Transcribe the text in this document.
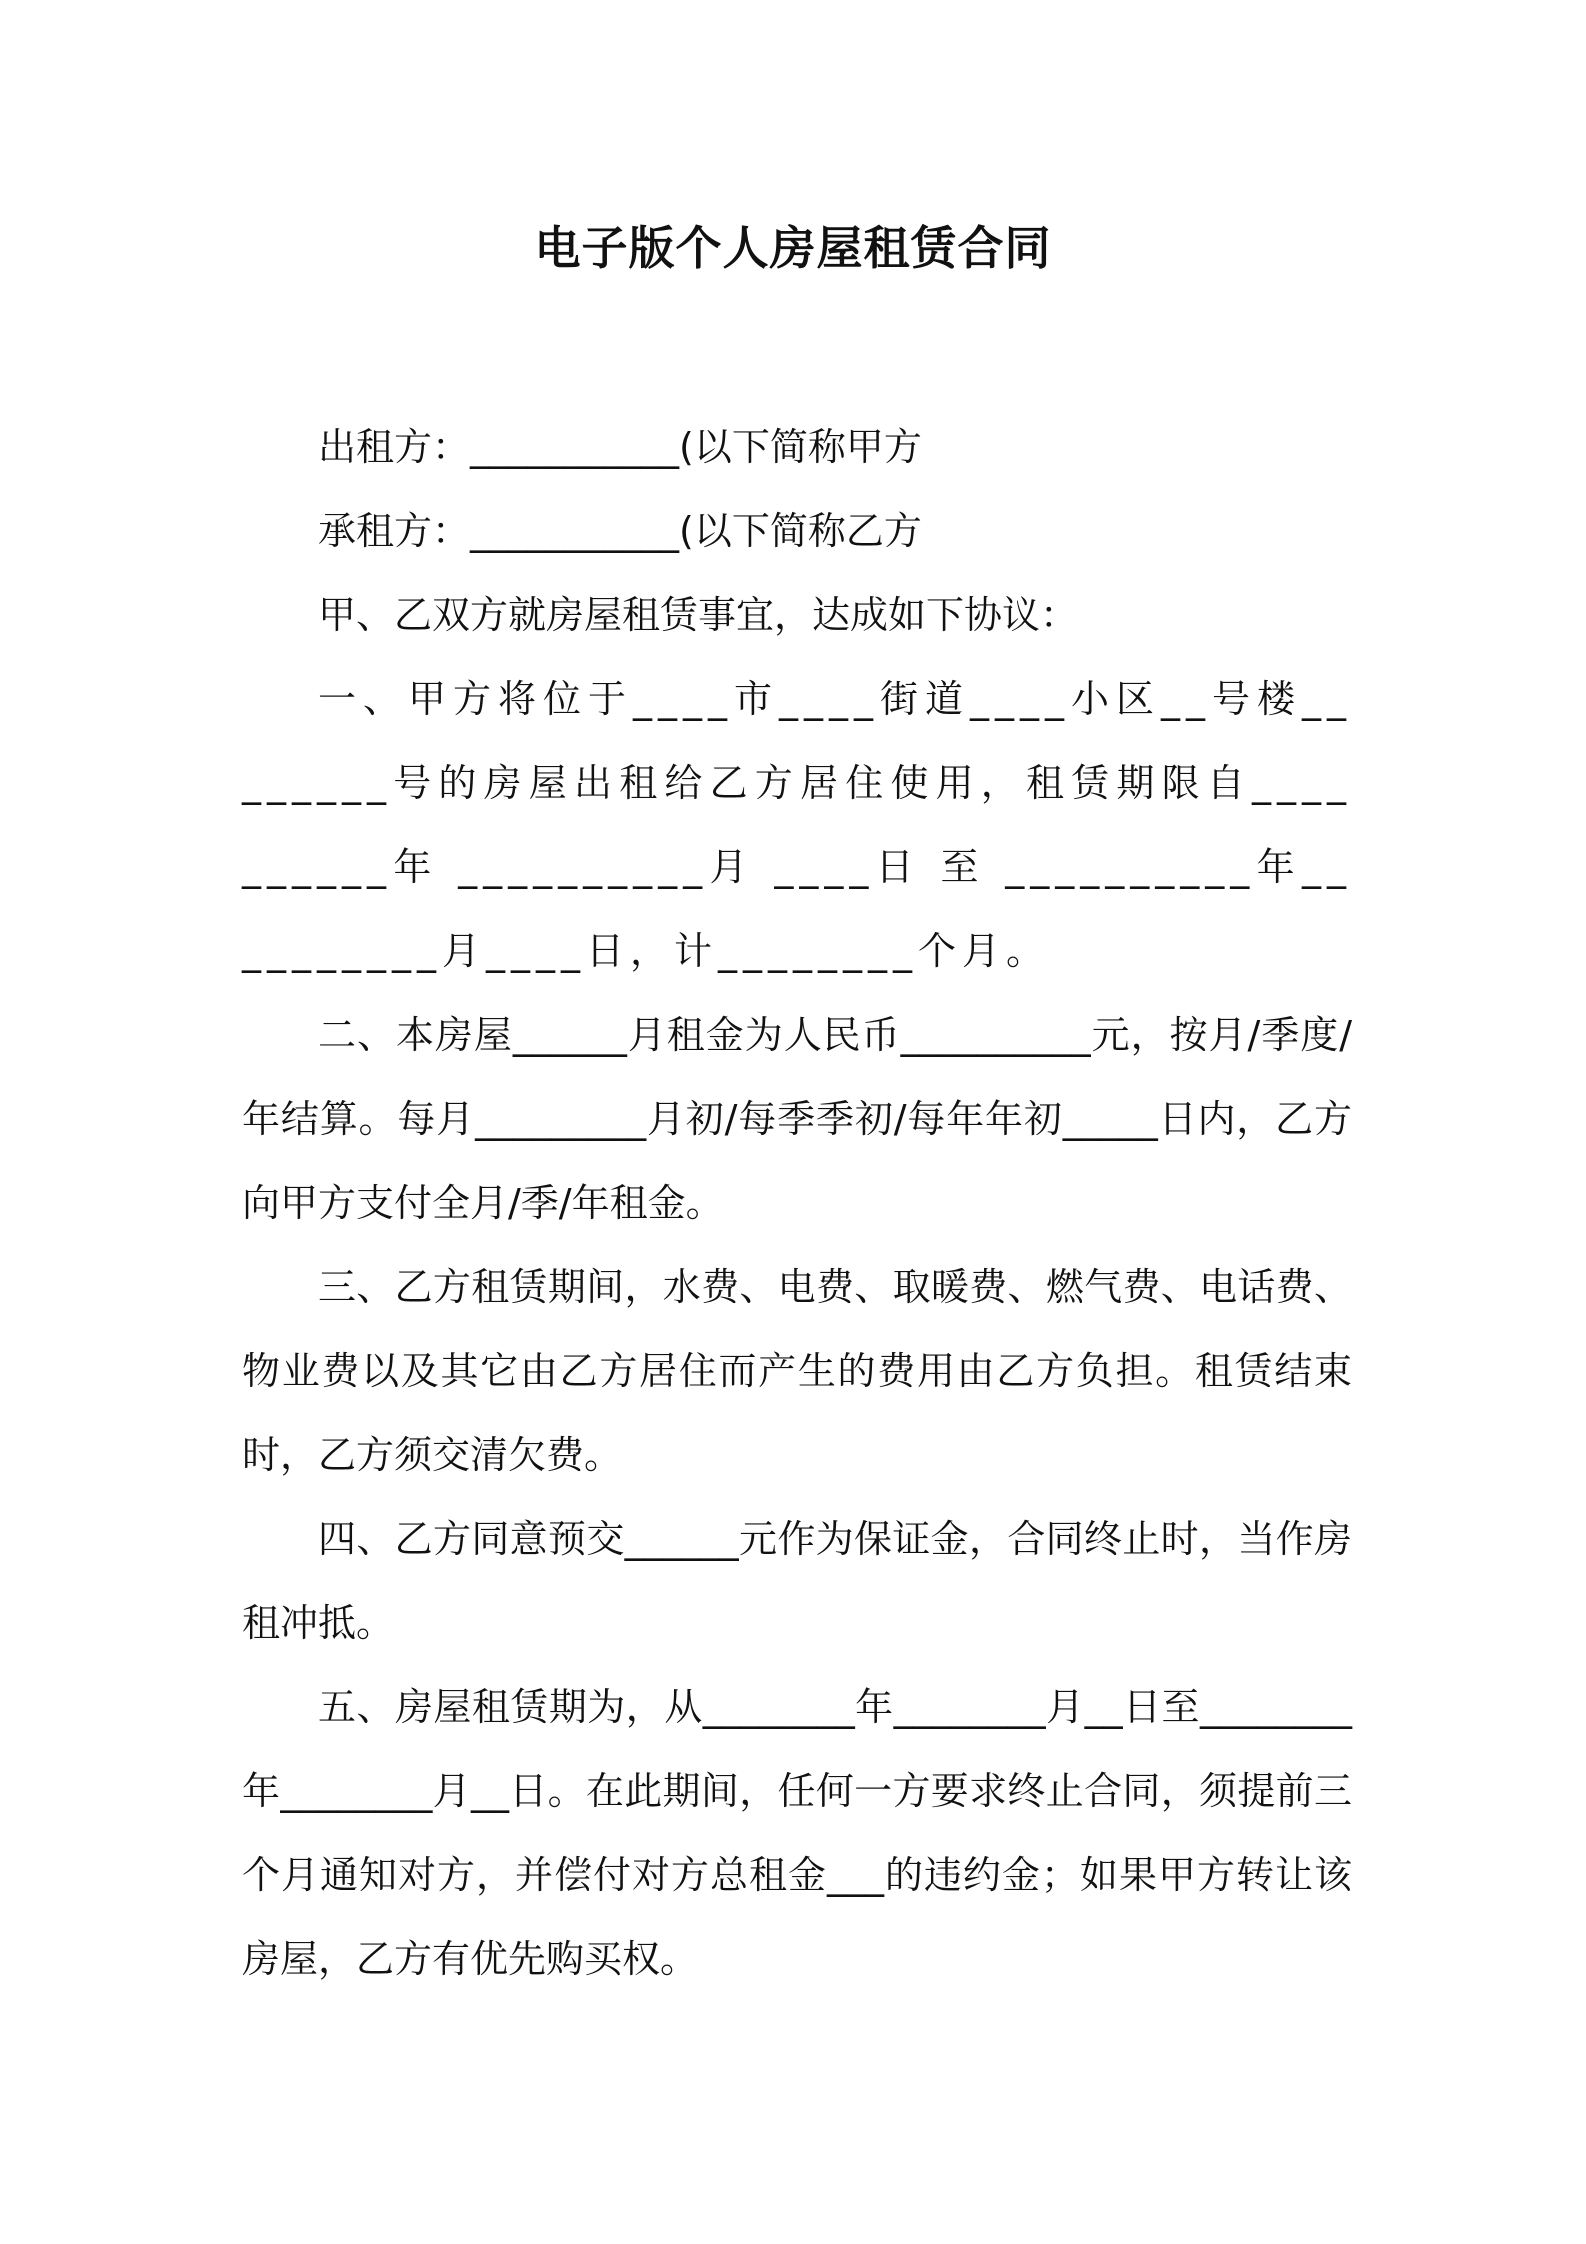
电子版个人房屋租赁合同

出租方：___________(以下简称甲方

承租方：___________(以下简称乙方

甲、乙双方就房屋租赁事宜，达成如下协议：

一、甲方将位于____市____街道____小区__号楼________号的房屋出租给乙方居住使用，租赁期限自__________年 __________月 ____日 至 __________年__________月____日，计________个月。

二、本房屋______月租金为人民币__________元，按月/季度/年结算。每月_________月初/每季季初/每年年初_____日内，乙方向甲方支付全月/季/年租金。

三、乙方租赁期间，水费、电费、取暖费、燃气费、电话费、物业费以及其它由乙方居住而产生的费用由乙方负担。租赁结束时，乙方须交清欠费。

四、乙方同意预交______元作为保证金，合同终止时，当作房租冲抵。

五、房屋租赁期为，从________年________月__日至________年________月__日。在此期间，任何一方要求终止合同，须提前三个月通知对方，并偿付对方总租金___的违约金；如果甲方转让该房屋，乙方有优先购买权。
